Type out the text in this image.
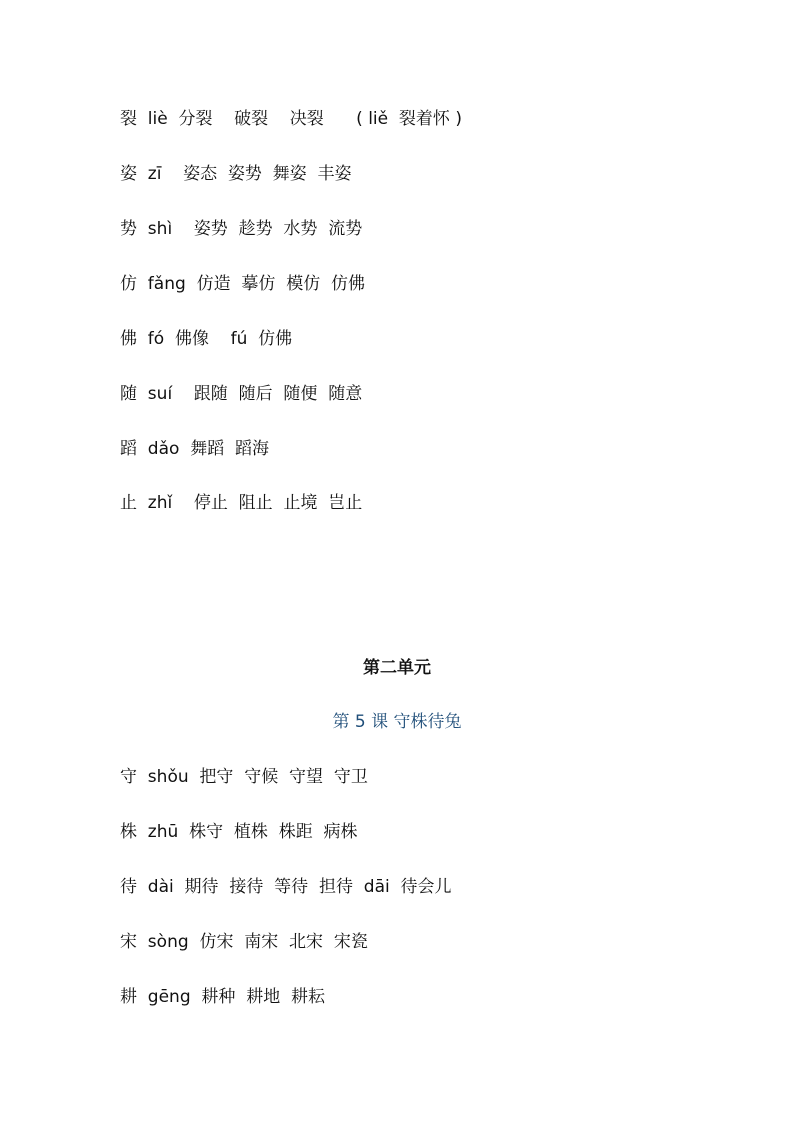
裂  liè  分裂    破裂    决裂      ( liě  裂着怀 )
姿  zī    姿态  姿势  舞姿  丰姿
势  shì    姿势  趁势  水势  流势
仿  fǎng  仿造  摹仿  模仿  仿佛
佛  fó  佛像    fú  仿佛
随  suí    跟随  随后  随便  随意
蹈  dǎo  舞蹈  蹈海
止  zhǐ    停止  阻止  止境  岂止
第二单元
第 5 课 守株待兔
守  shǒu  把守  守候  守望  守卫
株  zhū  株守  植株  株距  病株
待  dài  期待  接待  等待  担待  dāi  待会儿
宋  sòng  仿宋  南宋  北宋  宋瓷
耕  gēng  耕种  耕地  耕耘
